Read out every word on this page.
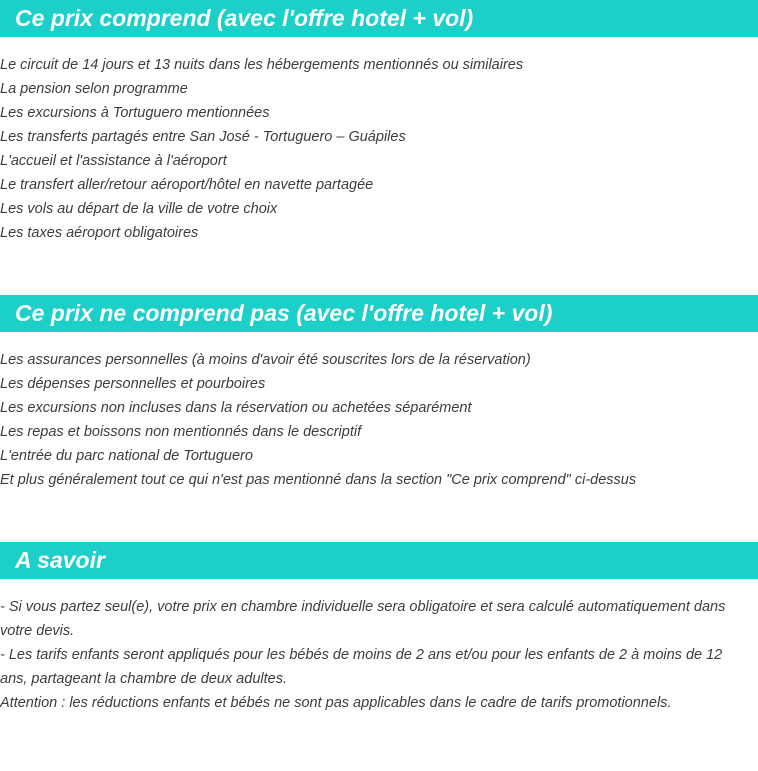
Ce prix comprend (avec l'offre hotel + vol)
Le circuit de 14 jours et 13 nuits dans les hébergements mentionnés ou similaires
La pension selon programme
Les excursions à Tortuguero mentionnées
Les transferts partagés entre San José - Tortuguero – Guápiles
L'accueil et l'assistance à l'aéroport
Le transfert aller/retour aéroport/hôtel en navette partagée
Les vols au départ de la ville de votre choix
Les taxes aéroport obligatoires
Ce prix ne comprend pas (avec l'offre hotel + vol)
Les assurances personnelles (à moins d'avoir été souscrites lors de la réservation)
Les dépenses personnelles et pourboires
Les excursions non incluses dans la réservation ou achetées séparément
Les repas et boissons non mentionnés dans le descriptif
L'entrée du parc national de Tortuguero
Et plus généralement tout ce qui n'est pas mentionné dans la section "Ce prix comprend" ci-dessus
A savoir

- Si vous partez seul(e), votre prix en chambre individuelle sera obligatoire et sera calculé automatiquement dans votre devis.

- Les tarifs enfants seront appliqués pour les bébés de moins de 2 ans et/ou pour les enfants de 2 à moins de 12 ans, partageant la chambre de deux adultes.

Attention : les réductions enfants et bébés ne sont pas applicables dans le cadre de tarifs promotionnels.
